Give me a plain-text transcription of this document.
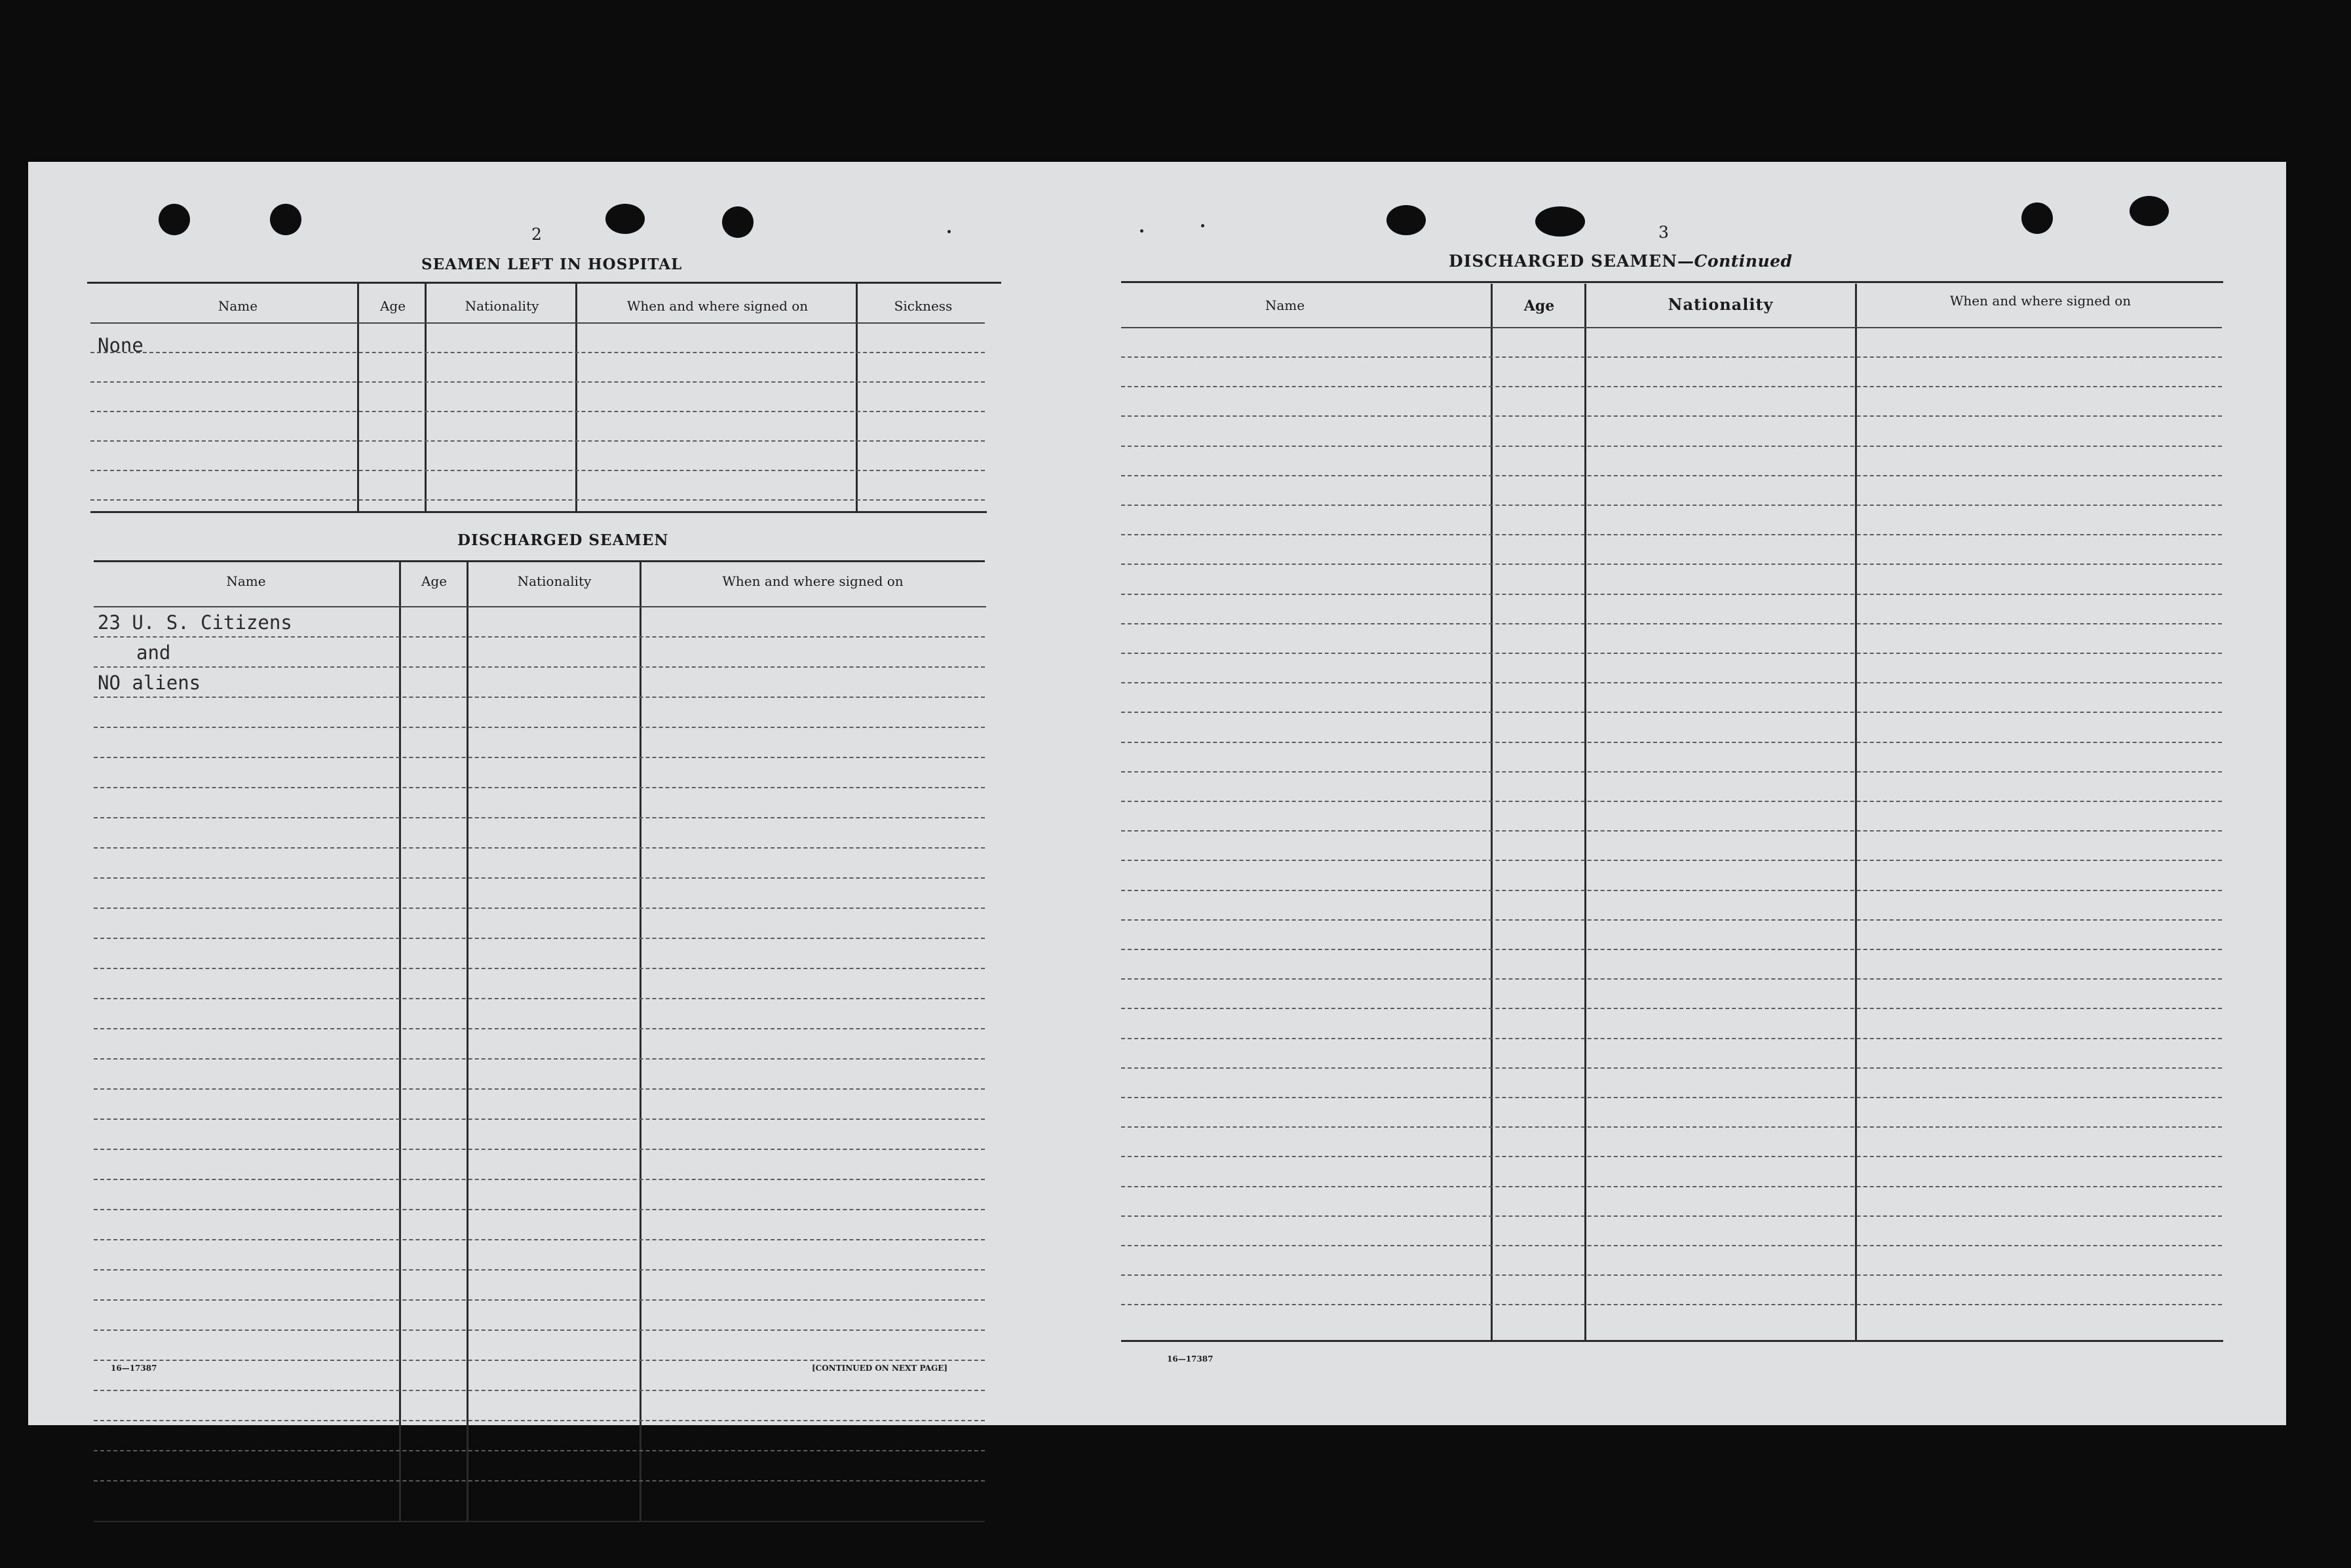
2
SEAMEN LEFT IN HOSPITAL
Name	Age	Nationality	When and where signed on	Sickness
None
DISCHARGED SEAMEN
Name	Age	Nationality	When and where signed on
23 U. S. Citizens
and
NO aliens
16—17387	[CONTINUED ON NEXT PAGE]
3
DISCHARGED SEAMEN—Continued
Name	Age	Nationality	When and where signed on
16—17387
